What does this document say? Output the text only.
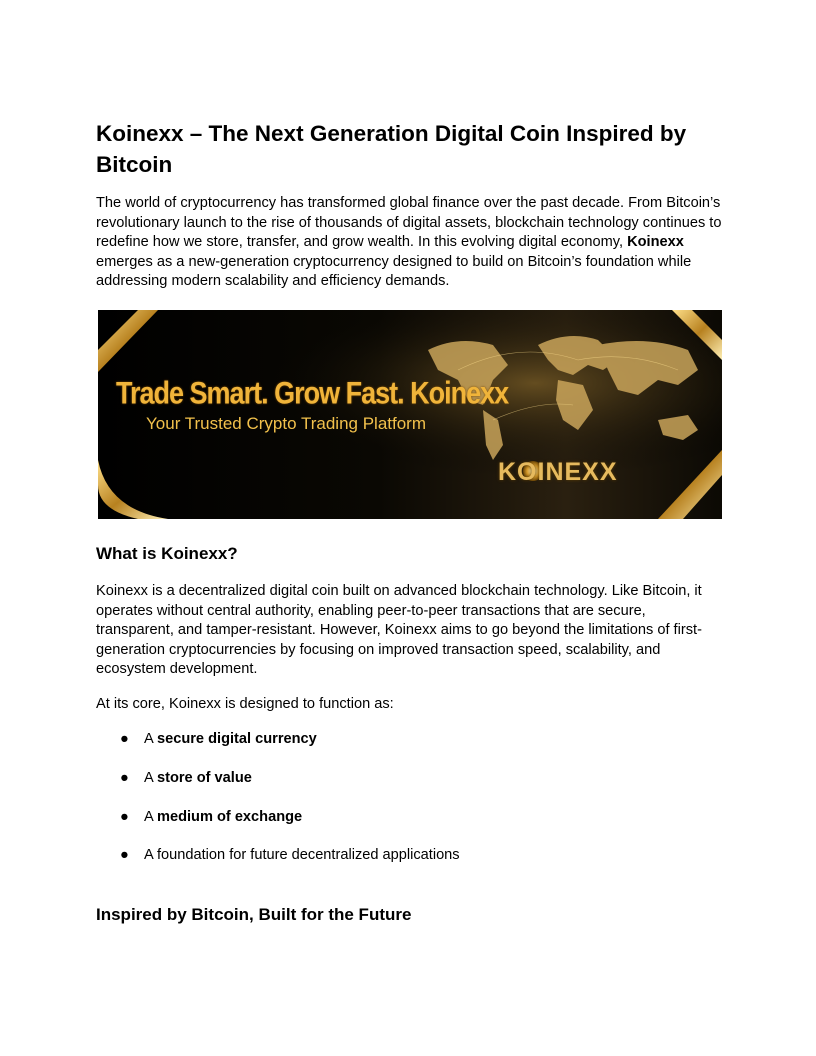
Koinexx – The Next Generation Digital Coin Inspired by Bitcoin

The world of cryptocurrency has transformed global finance over the past decade. From Bitcoin’s revolutionary launch to the rise of thousands of digital assets, blockchain technology continues to redefine how we store, transfer, and grow wealth. In this evolving digital economy, Koinexx emerges as a new-generation cryptocurrency designed to build on Bitcoin’s foundation while addressing modern scalability and efficiency demands.

Trade Smart. Grow Fast. Koinexx
Your Trusted Crypto Trading Platform
KOINEXX
What is Koinexx?

Koinexx is a decentralized digital coin built on advanced blockchain technology. Like Bitcoin, it operates without central authority, enabling peer-to-peer transactions that are secure, transparent, and tamper-resistant. However, Koinexx aims to go beyond the limitations of first-generation cryptocurrencies by focusing on improved transaction speed, scalability, and ecosystem development.

At its core, Koinexx is designed to function as:

● A secure digital currency
● A store of value
● A medium of exchange
● A foundation for future decentralized applications
Inspired by Bitcoin, Built for the Future
